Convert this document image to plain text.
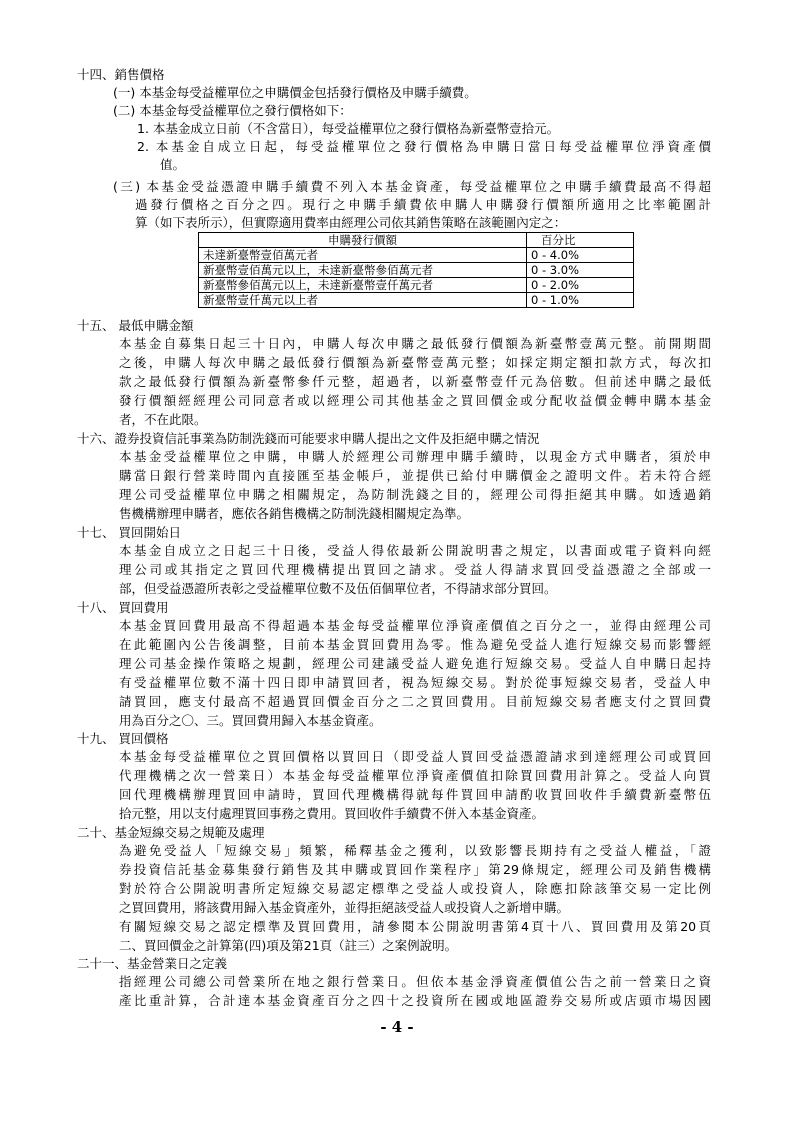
十四、銷售價格
(一) 本基金每受益權單位之申購價金包括發行價格及申購手續費。
(二) 本基金每受益權單位之發行價格如下：
1. 本基金成立日前（不含當日），每受益權單位之發行價格為新臺幣壹拾元。
2. 本基金自成立日起，每受益權單位之發行價格為申購日當日每受益權單位淨資產價
值。
(三) 本基金受益憑證申購手續費不列入本基金資產，每受益權單位之申購手續費最高不得超
過發行價格之百分之四。現行之申購手續費依申購人申購發行價額所適用之比率範圍計
算（如下表所示），但實際適用費率由經理公司依其銷售策略在該範圍內定之：
申購發行價額	百分比
未達新臺幣壹佰萬元者	0 - 4.0%
新臺幣壹佰萬元以上，未達新臺幣參佰萬元者	0 - 3.0%
新臺幣參佰萬元以上，未達新臺幣壹仟萬元者	0 - 2.0%
新臺幣壹仟萬元以上者	0 - 1.0%
十五、 最低申購金額
本基金自募集日起三十日內，申購人每次申購之最低發行價額為新臺幣壹萬元整。前開期間
之後，申購人每次申購之最低發行價額為新臺幣壹萬元整；如採定期定額扣款方式，每次扣
款之最低發行價額為新臺幣參仟元整，超過者，以新臺幣壹仟元為倍數。但前述申購之最低
發行價額經經理公司同意者或以經理公司其他基金之買回價金或分配收益價金轉申購本基金
者，不在此限。
十六、證券投資信託事業為防制洗錢而可能要求申購人提出之文件及拒絕申購之情況
本基金受益權單位之申購，申購人於經理公司辦理申購手續時，以現金方式申購者，須於申
購當日銀行營業時間內直接匯至基金帳戶，並提供已給付申購價金之證明文件。若未符合經
理公司受益權單位申購之相關規定，為防制洗錢之目的，經理公司得拒絕其申購。如透過銷
售機構辦理申購者，應依各銷售機構之防制洗錢相關規定為準。
十七、 買回開始日
本基金自成立之日起三十日後，受益人得依最新公開說明書之規定，以書面或電子資料向經
理公司或其指定之買回代理機構提出買回之請求。受益人得請求買回受益憑證之全部或一
部，但受益憑證所表彰之受益權單位數不及伍佰個單位者，不得請求部分買回。
十八、 買回費用
本基金買回費用最高不得超過本基金每受益權單位淨資產價值之百分之一，並得由經理公司
在此範圍內公告後調整，目前本基金買回費用為零。惟為避免受益人進行短線交易而影響經
理公司基金操作策略之規劃，經理公司建議受益人避免進行短線交易。受益人自申購日起持
有受益權單位數不滿十四日即申請買回者，視為短線交易。對於從事短線交易者，受益人申
請買回，應支付最高不超過買回價金百分之二之買回費用。目前短線交易者應支付之買回費
用為百分之〇、三。買回費用歸入本基金資產。
十九、 買回價格
本基金每受益權單位之買回價格以買回日（即受益人買回受益憑證請求到達經理公司或買回
代理機構之次一營業日）本基金每受益權單位淨資產價值扣除買回費用計算之。受益人向買
回代理機構辦理買回申請時，買回代理機構得就每件買回申請酌收買回收件手續費新臺幣伍
拾元整，用以支付處理買回事務之費用。買回收件手續費不併入本基金資產。
二十、基金短線交易之規範及處理
為避免受益人「短線交易」頻繁，稀釋基金之獲利，以致影響長期持有之受益人權益，「證
券投資信託基金募集發行銷售及其申購或買回作業程序」第29條規定，經理公司及銷售機構
對於符合公開說明書所定短線交易認定標準之受益人或投資人，除應扣除該筆交易一定比例
之買回費用，將該費用歸入基金資產外，並得拒絕該受益人或投資人之新增申購。
有關短線交易之認定標準及買回費用，請參閱本公開說明書第4頁十八、買回費用及第20頁
二、買回價金之計算第(四)項及第21頁（註三）之案例說明。
二十一、基金營業日之定義
指經理公司總公司營業所在地之銀行營業日。但依本基金淨資產價值公告之前一營業日之資
產比重計算，合計達本基金資產百分之四十之投資所在國或地區證券交易所或店頭市場因國
- 4 -
